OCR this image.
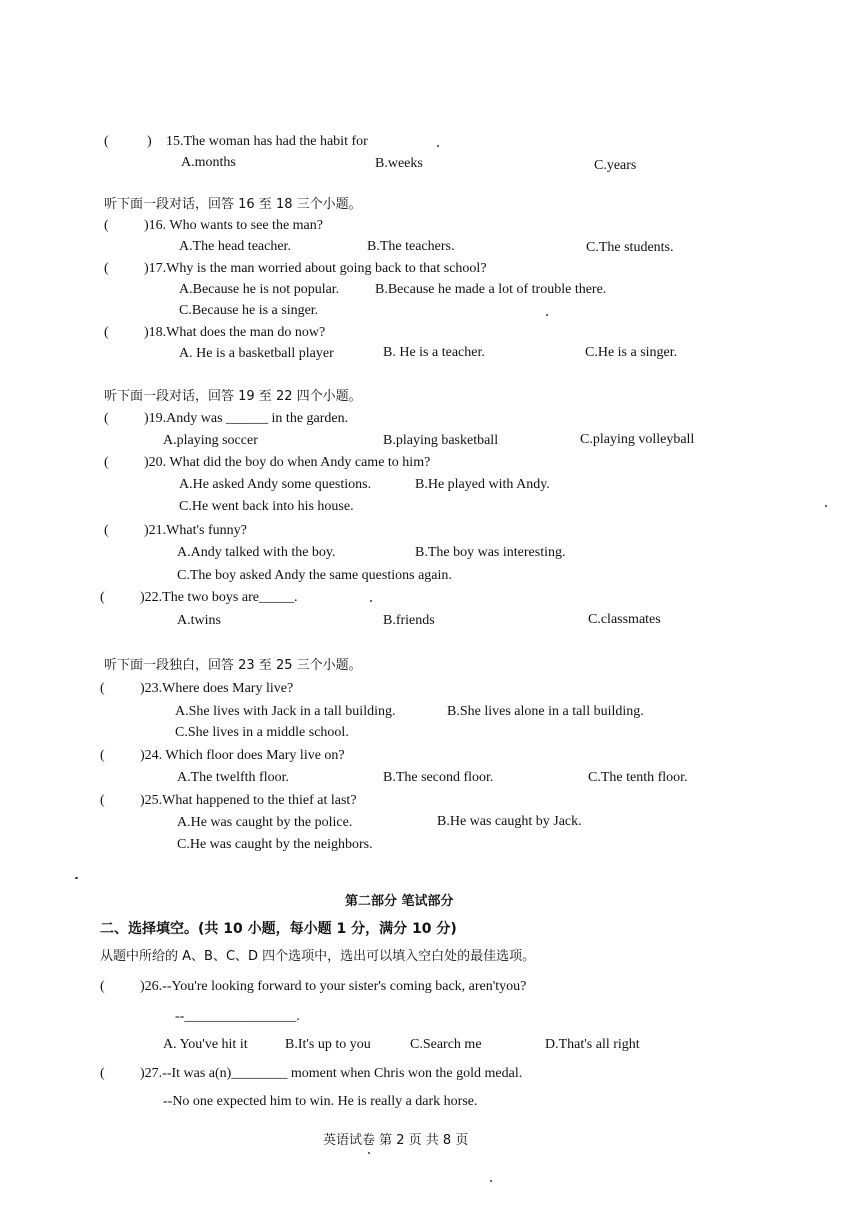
(	) 15.The woman has had the habit for
A.months	B.weeks	C.years
听下面一段对话，回答 16 至 18 三个小题。
(	)16. Who wants to see the man?
A.The head teacher.	B.The teachers.	C.The students.
(	)17.Why is the man worried about going back to that school?
A.Because he is not popular.	B.Because he made a lot of trouble there.
C.Because he is a singer.
(	)18.What does the man do now?
A. He is a basketball player	B. He is a teacher.	C.He is a singer.
听下面一段对话，回答 19 至 22 四个小题。
(	)19.Andy was ______ in the garden.
A.playing soccer	B.playing basketball	C.playing volleyball
(	)20. What did the boy do when Andy came to him?
A.He asked Andy some questions.	B.He played with Andy.
C.He went back into his house.
(	)21.What's funny?
A.Andy talked with the boy.	B.The boy was interesting.
C.The boy asked Andy the same questions again.
(	)22.The two boys are_____.
A.twins	B.friends	C.classmates
听下面一段独白，回答 23 至 25 三个小题。
(	)23.Where does Mary live?
A.She lives with Jack in a tall building.	B.She lives alone in a tall building.
C.She lives in a middle school.
(	)24. Which floor does Mary live on?
A.The twelfth floor.	B.The second floor.	C.The tenth floor.
(	)25.What happened to the thief at last?
A.He was caught by the police.	B.He was caught by Jack.
C.He was caught by the neighbors.
第二部分 笔试部分
二、选择填空。(共 10 小题，每小题 1 分，满分 10 分)
从题中所给的 A、B、C、D 四个选项中，选出可以填入空白处的最佳选项。
(	)26.--You're looking forward to your sister's coming back, aren'tyou?
--________________.
A. You've hit it	B.It's up to you	C.Search me	D.That's all right
(	)27.--It was a(n)________ moment when Chris won the gold medal.
--No one expected him to win. He is really a dark horse.
英语试卷 第 2 页 共 8 页
